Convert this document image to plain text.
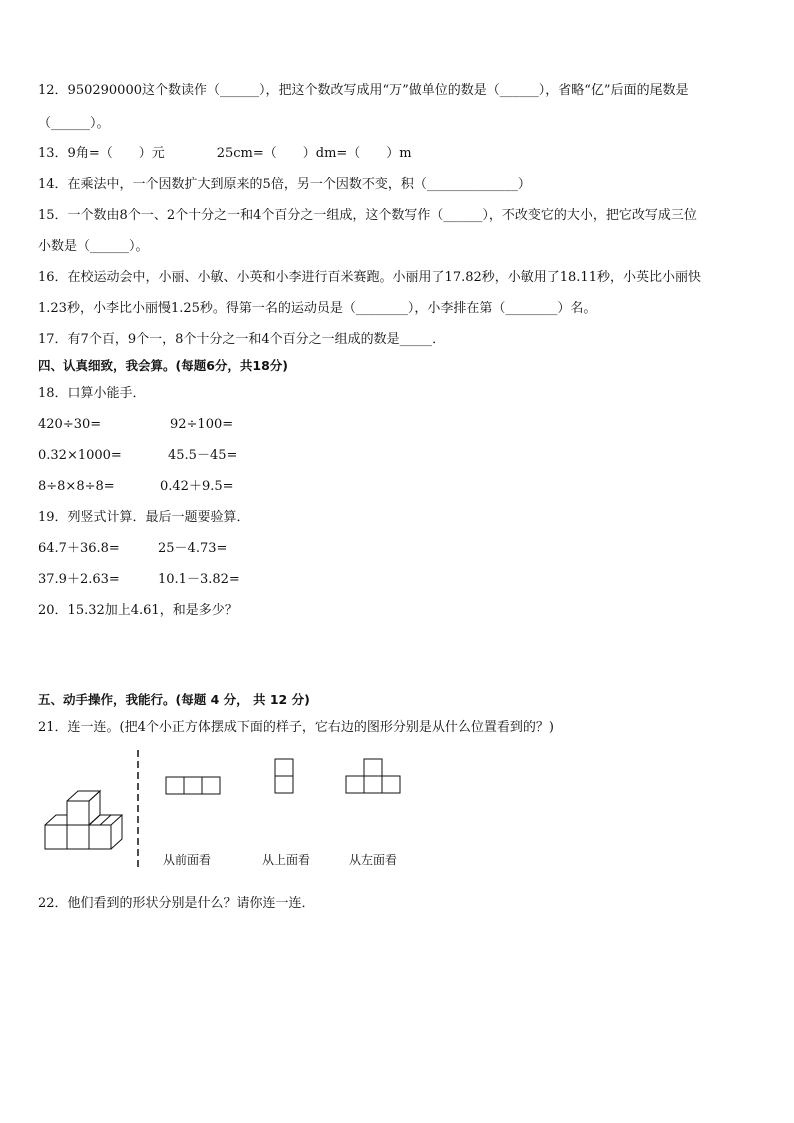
12．950290000这个数读作（______），把这个数改写成用“万”做单位的数是（______），省略“亿”后面的尾数是
（______）。
13．9角=（　　）元　　　　25cm=（　　）dm=（　　）m
14．在乘法中，一个因数扩大到原来的5倍，另一个因数不变，积（______________）
15．一个数由8个一、2个十分之一和4个百分之一组成，这个数写作（______），不改变它的大小，把它改写成三位
小数是（______）。
16．在校运动会中，小丽、小敏、小英和小李进行百米赛跑。小丽用了17.82秒，小敏用了18.11秒，小英比小丽快
1.23秒，小李比小丽慢1.25秒。得第一名的运动员是（________），小李排在第（________）名。
17．有7个百，9个一，8个十分之一和4个百分之一组成的数是_____．
四、认真细致，我会算。(每题6分，共18分)
18．口算小能手．
420÷30=	92÷100=
0.32×1000=	45.5－45=
8÷8×8÷8=	0.42＋9.5=
19．列竖式计算．最后一题要验算．
64.7＋36.8=	25－4.73=
37.9＋2.63=	10.1－3.82=
20．15.32加上4.61，和是多少？
五、动手操作，我能行。(每题 4 分， 共 12 分)
21．连一连。(把4个小正方体摆成下面的样子，它右边的图形分别是从什么位置看到的？)
从前面看	从上面看	从左面看
22．他们看到的形状分别是什么？请你连一连．
